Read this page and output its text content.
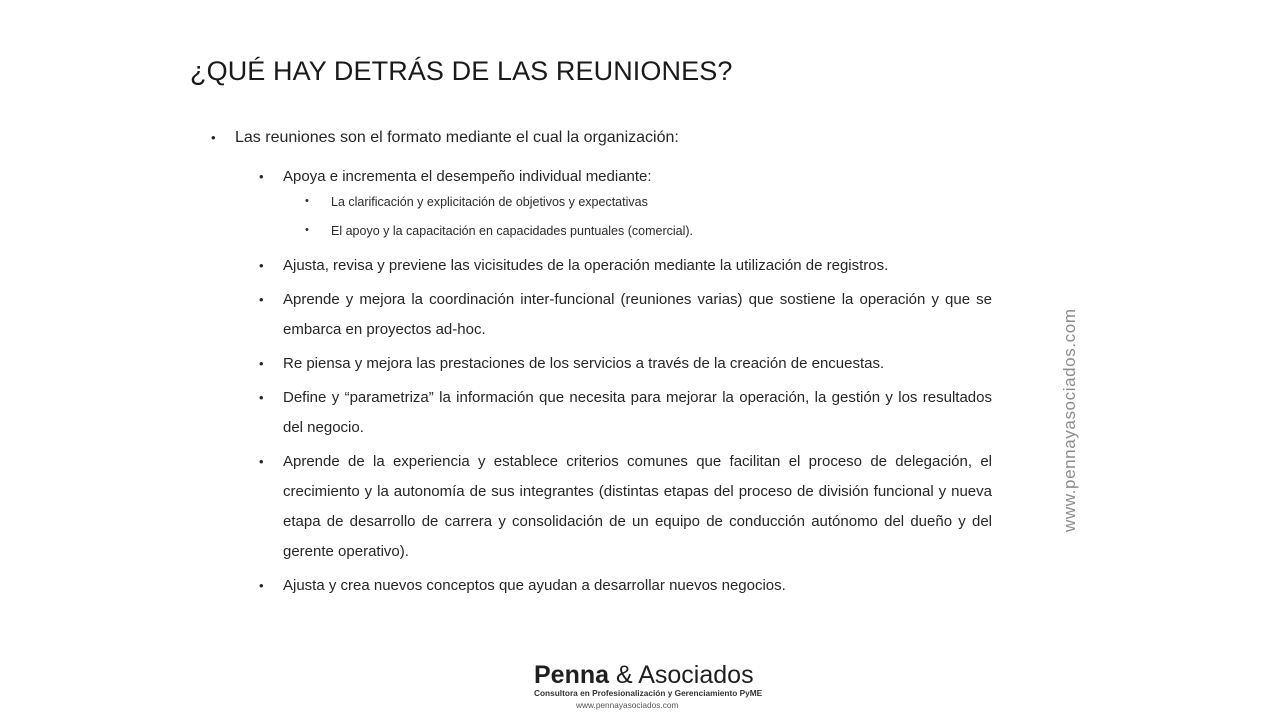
¿QUÉ HAY DETRÁS DE LAS REUNIONES?
• Las reuniones son el formato mediante el cual la organización:
• Apoya e incrementa el desempeño individual mediante:
• La clarificación y explicitación de objetivos y expectativas
• El apoyo y la capacitación en capacidades puntuales (comercial).
• Ajusta, revisa y previene las vicisitudes de la operación mediante la utilización de registros.
• Aprende y mejora la coordinación inter-funcional (reuniones varias) que sostiene la operación y que se embarca en proyectos ad-hoc.
• Re piensa y mejora las prestaciones de los servicios a través de la creación de encuestas.
• Define y “parametriza” la información que necesita para mejorar la operación, la gestión y los resultados del negocio.
• Aprende de la experiencia y establece criterios comunes que facilitan el proceso de delegación, el crecimiento y la autonomía de sus integrantes (distintas etapas del proceso de división funcional y nueva etapa de desarrollo de carrera y consolidación de un equipo de conducción autónomo del dueño y del gerente operativo).
• Ajusta y crea nuevos conceptos que ayudan a desarrollar nuevos negocios.
www.pennayasociados.com
Penna & Asociados
Consultora en Profesionalización y Gerenciamiento PyME
www.pennayasociados.com
